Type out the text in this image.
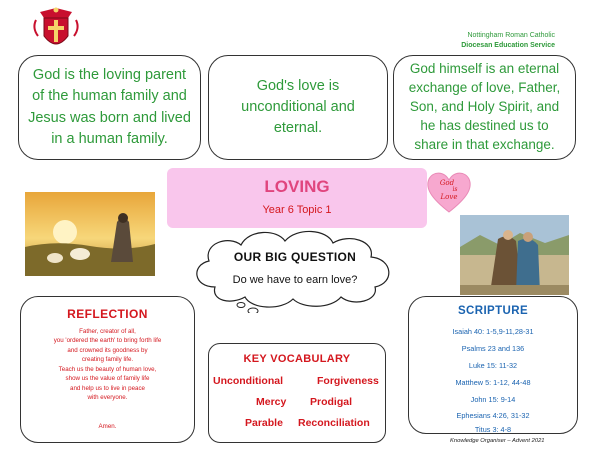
Nottingham Roman Catholic
Diocesan Education Service
God is the loving parent of the human family and Jesus was born and lived in a human family.
God's love is unconditional and eternal.
God himself is an eternal exchange of love, Father, Son, and Holy Spirit, and he has destined us to share in that exchange.
LOVING
Year 6 Topic 1
God
is
Love
OUR BIG QUESTION
Do we have to earn love?
REFLECTION
Father, creator of all,
you 'ordered the earth' to bring forth life
and crowned its goodness by
creating family life.
Teach us the beauty of human love,
show us the value of family life
and help us to live in peace
with everyone.
Amen.
KEY VOCABULARY
Unconditional	Forgiveness
Mercy Prodigal
Parable Reconciliation
SCRIPTURE
Isaiah 40: 1-5,9-11,28-31
Psalms 23 and 136
Luke 15: 11-32
Matthew 5: 1-12, 44-48
John 15: 9-14
Ephesians 4:26, 31-32
Titus 3: 4-8
Knowledge Organiser – Advent 2021
